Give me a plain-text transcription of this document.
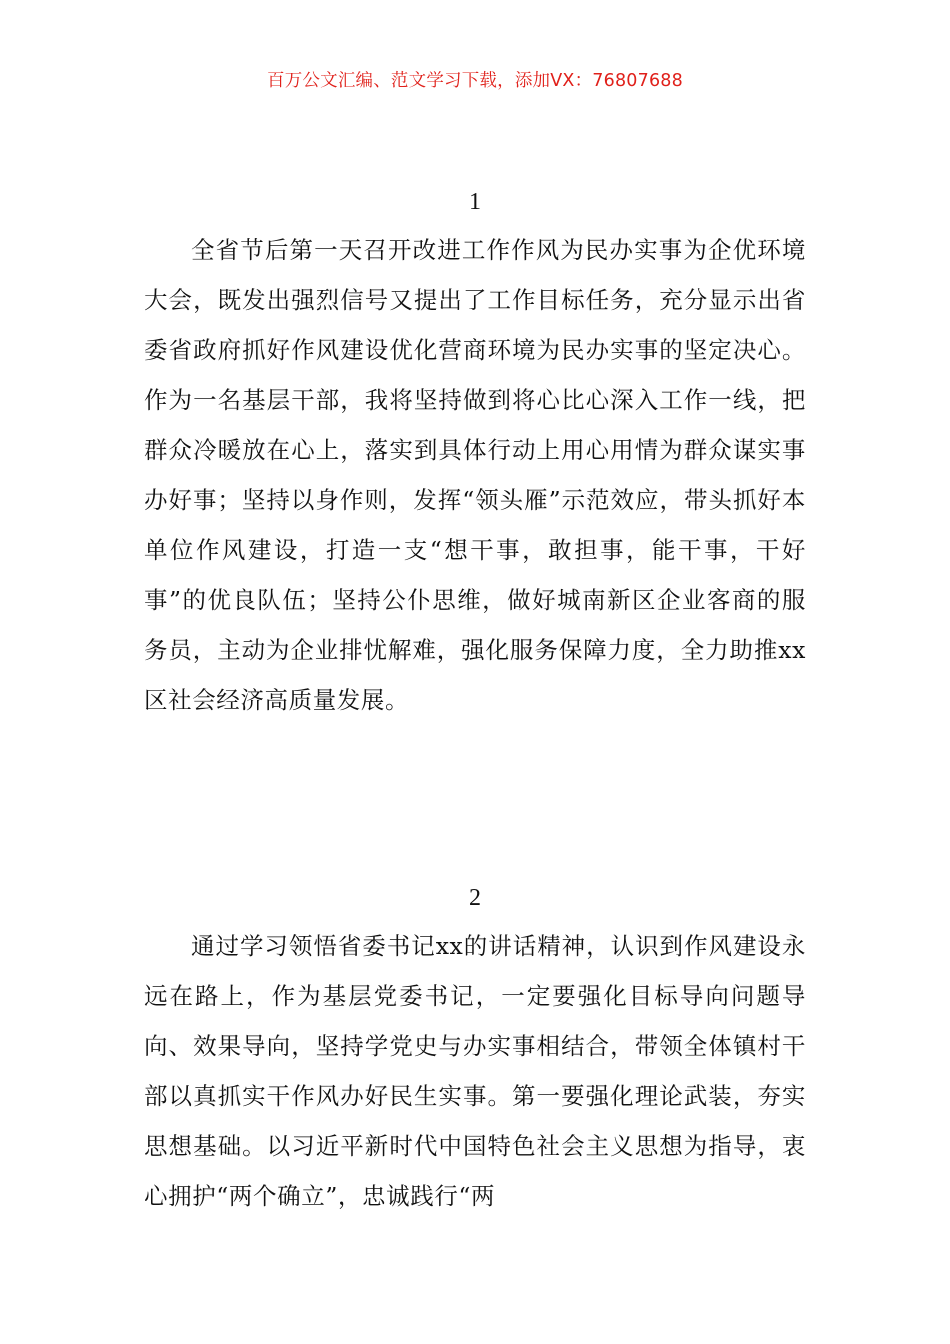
百万公文汇编、范文学习下载，添加VX：76807688
1

全省节后第一天召开改进工作作风为民办实事为企优环境大会，既发出强烈信号又提出了工作目标任务，充分显示出省委省政府抓好作风建设优化营商环境为民办实事的坚定决心。作为一名基层干部，我将坚持做到将心比心深入工作一线，把群众冷暖放在心上，落实到具体行动上用心用情为群众谋实事办好事；坚持以身作则，发挥“领头雁”示范效应，带头抓好本单位作风建设，打造一支“想干事，敢担事，能干事，干好事”的优良队伍；坚持公仆思维，做好城南新区企业客商的服务员，主动为企业排忧解难，强化服务保障力度，全力助推xx区社会经济高质量发展。

2

通过学习领悟省委书记xx的讲话精神，认识到作风建设永远在路上，作为基层党委书记，一定要强化目标导向问题导向、效果导向，坚持学党史与办实事相结合，带领全体镇村干部以真抓实干作风办好民生实事。第一要强化理论武装，夯实思想基础。以习近平新时代中国特色社会主义思想为指导，衷心拥护“两个确立”，忠诚践行“两
